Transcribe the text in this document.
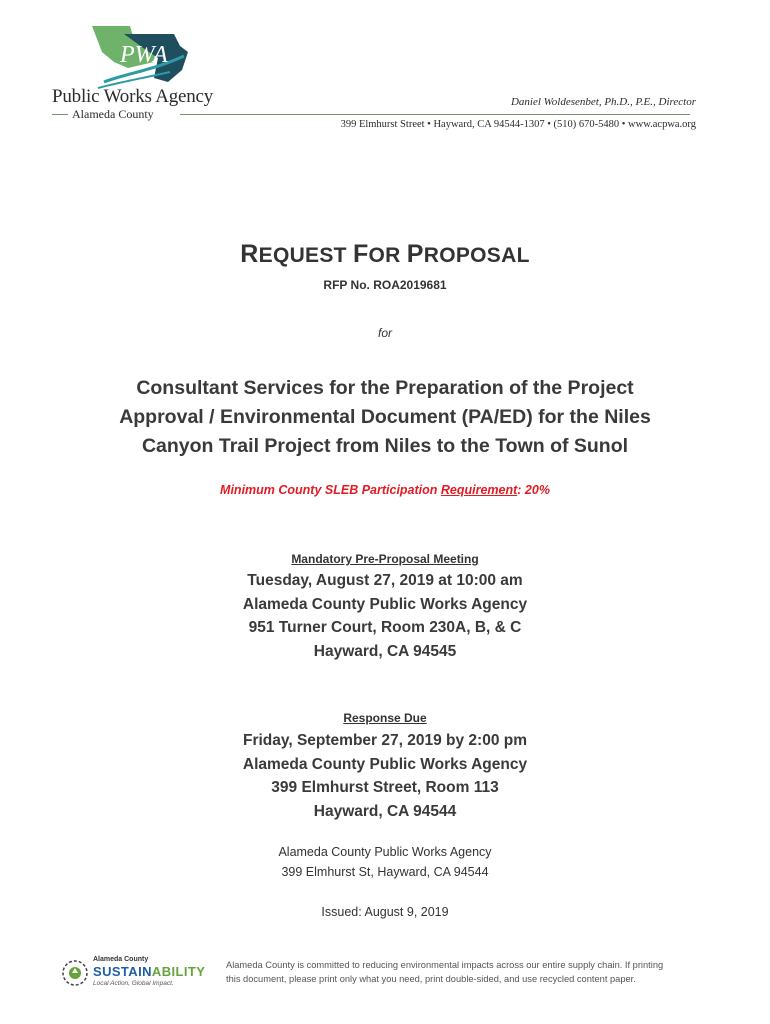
PWA
Public Works Agency
Alameda County
Daniel Woldesenbet, Ph.D., P.E., Director
399 Elmhurst Street • Hayward, CA 94544-1307 • (510) 670-5480 • www.acpwa.org
REQUEST FOR PROPOSAL
RFP No. ROA2019681
for
Consultant Services for the Preparation of the Project
Approval / Environmental Document (PA/ED) for the Niles
Canyon Trail Project from Niles to the Town of Sunol
Minimum County SLEB Participation Requirement: 20%
Mandatory Pre-Proposal Meeting
Tuesday, August 27, 2019 at 10:00 am
Alameda County Public Works Agency
951 Turner Court, Room 230A, B, & C
Hayward, CA 94545
Response Due
Friday, September 27, 2019 by 2:00 pm
Alameda County Public Works Agency
399 Elmhurst Street, Room 113
Hayward, CA 94544
Alameda County Public Works Agency
399 Elmhurst St, Hayward, CA 94544
Issued: August 9, 2019
Alameda County
SUSTAINABILITY
Local Action, Global Impact.
Alameda County is committed to reducing environmental impacts across our entire supply chain. If printing
this document, please print only what you need, print double-sided, and use recycled content paper.
